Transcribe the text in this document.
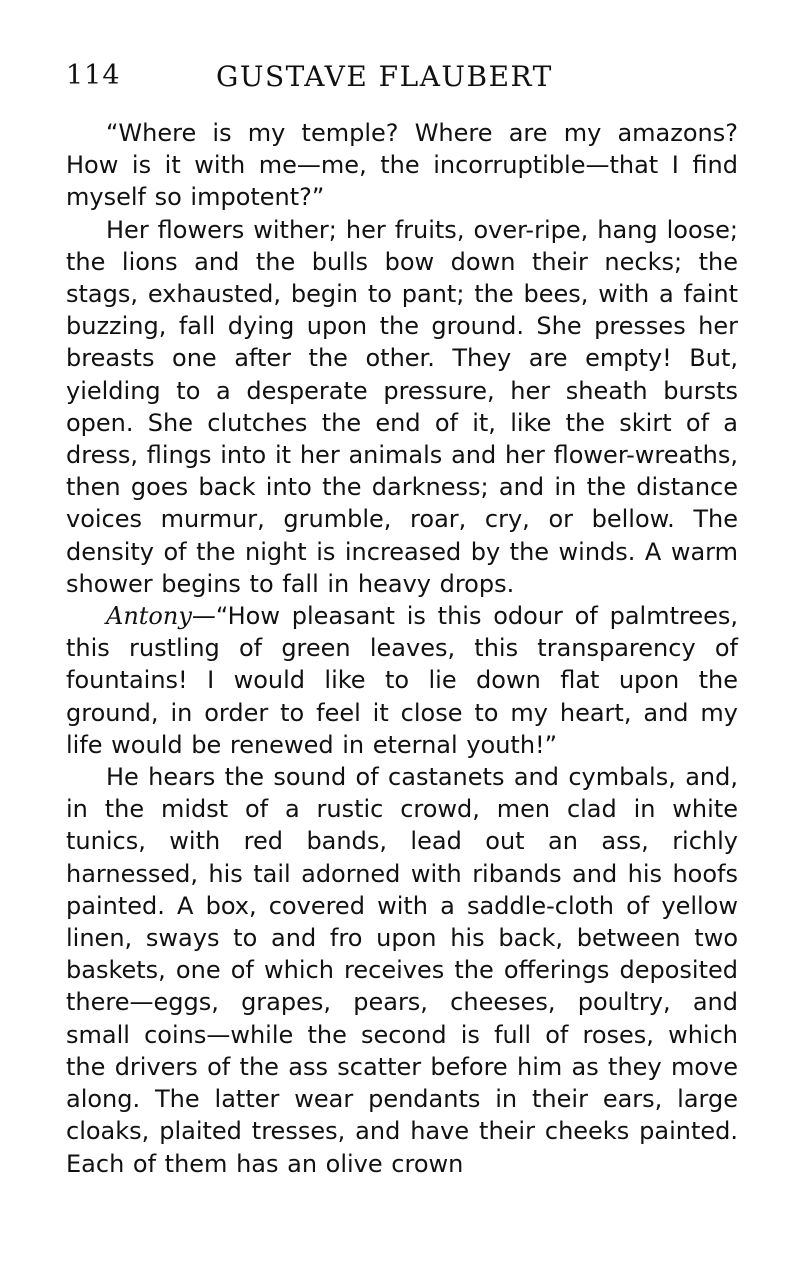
114	GUSTAVE FLAUBERT

“Where is my temple? Where are my amazons? How is it with me—me, the incorruptible—that I find myself so impotent?”

Her flowers wither; her fruits, over-ripe, hang loose; the lions and the bulls bow down their necks; the stags, exhausted, begin to pant; the bees, with a faint buzzing, fall dying upon the ground. She presses her breasts one after the other. They are empty! But, yielding to a desperate pressure, her sheath bursts open. She clutches the end of it, like the skirt of a dress, flings into it her animals and her flower-wreaths, then goes back into the darkness; and in the distance voices murmur, grumble, roar, cry, or bellow. The density of the night is increased by the winds. A warm shower begins to fall in heavy drops.

Antony—“How pleasant is this odour of palmtrees, this rustling of green leaves, this transparency of fountains! I would like to lie down flat upon the ground, in order to feel it close to my heart, and my life would be renewed in eternal youth!”

He hears the sound of castanets and cymbals, and, in the midst of a rustic crowd, men clad in white tunics, with red bands, lead out an ass, richly harnessed, his tail adorned with ribands and his hoofs painted. A box, covered with a saddle-cloth of yellow linen, sways to and fro upon his back, between two baskets, one of which receives the offerings deposited there—eggs, grapes, pears, cheeses, poultry, and small coins—while the second is full of roses, which the drivers of the ass scatter before him as they move along. The latter wear pendants in their ears, large cloaks, plaited tresses, and have their cheeks painted. Each of them has an olive crown
